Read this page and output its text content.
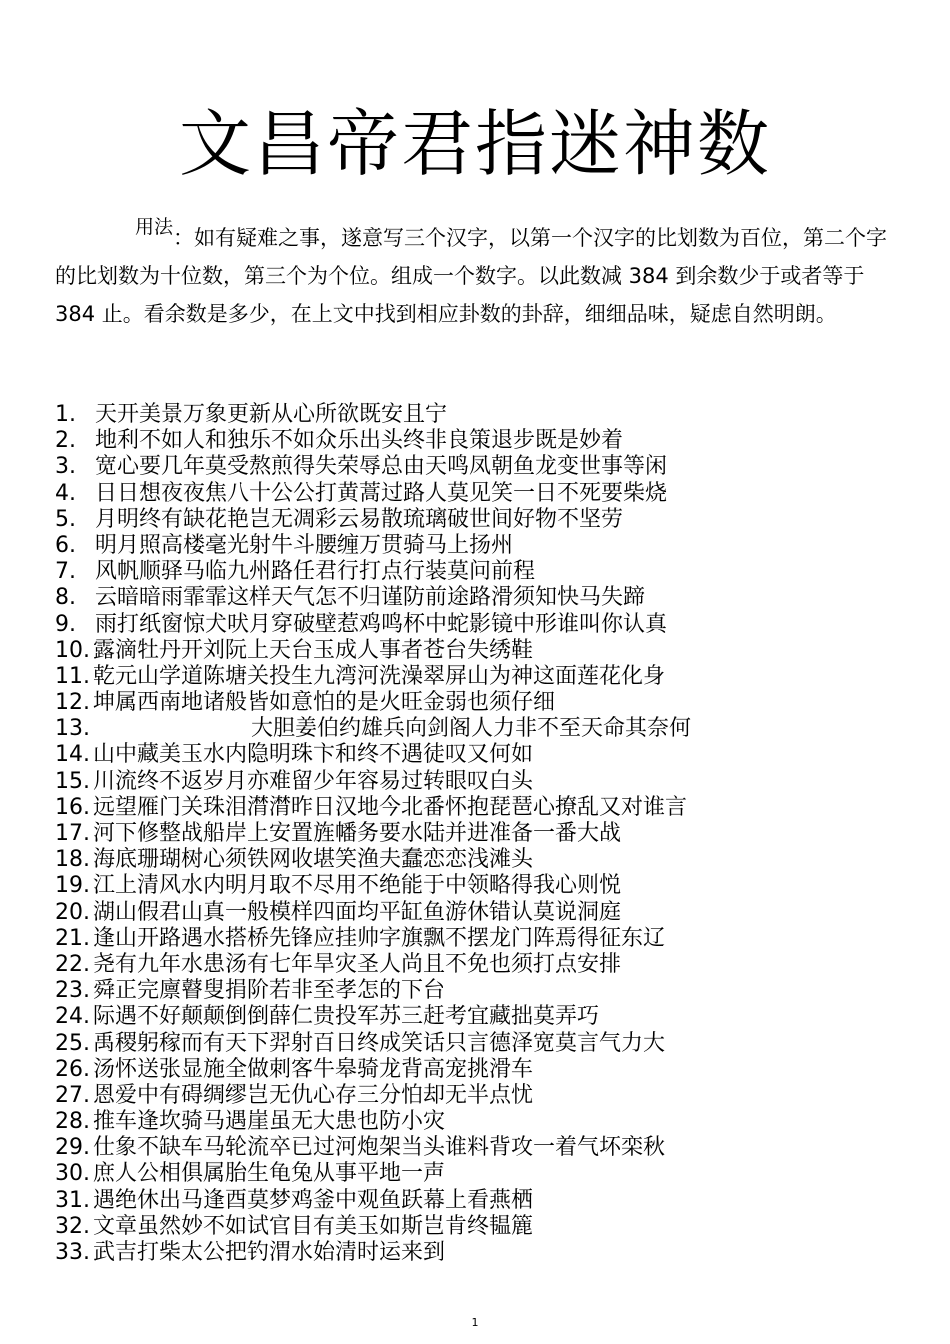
文昌帝君指迷神数
用法：如有疑难之事，遂意写三个汉字，以第一个汉字的比划数为百位，第二个字的比划数为十位数，第三个为个位。组成一个数字。以此数减 384 到余数少于或者等于 384 止。看余数是多少，在上文中找到相应卦数的卦辞，细细品味，疑虑自然明朗。
1. 天开美景万象更新从心所欲既安且宁
2. 地利不如人和独乐不如众乐出头终非良策退步既是妙着
3. 宽心要几年莫受熬煎得失荣辱总由天鸣凤朝鱼龙变世事等闲
4. 日日想夜夜焦八十公公打黄蒿过路人莫见笑一日不死要柴烧
5. 月明终有缺花艳岂无凋彩云易散琉璃破世间好物不坚劳
6. 明月照高楼毫光射牛斗腰缠万贯骑马上扬州
7. 风帆顺驿马临九州路任君行打点行装莫问前程
8. 云暗暗雨霏霏这样天气怎不归谨防前途路滑须知快马失蹄
9. 雨打纸窗惊犬吠月穿破壁惹鸡鸣杯中蛇影镜中形谁叫你认真
10. 露滴牡丹开刘阮上天台玉成人事者苍台失绣鞋
11. 乾元山学道陈塘关投生九湾河洗澡翠屏山为神这面莲花化身
12. 坤属西南地诸般皆如意怕的是火旺金弱也须仔细
13.	大胆姜伯约雄兵向剑阁人力非不至天命其奈何
14. 山中藏美玉水内隐明珠卞和终不遇徒叹又何如
15. 川流终不返岁月亦难留少年容易过转眼叹白头
16. 远望雁门关珠泪潸潸昨日汉地今北番怀抱琵琶心撩乱又对谁言
17. 河下修整战船岸上安置旌幡务要水陆并进准备一番大战
18. 海底珊瑚树心须铁网收堪笑渔夫蠢恋恋浅滩头
19. 江上清风水内明月取不尽用不绝能于中领略得我心则悦
20. 湖山假君山真一般模样四面均平缸鱼游休错认莫说洞庭
21. 逢山开路遇水搭桥先锋应挂帅字旗飘不摆龙门阵焉得征东辽
22. 尧有九年水患汤有七年旱灾圣人尚且不免也须打点安排
23. 舜正完廪瞽叟捐阶若非至孝怎的下台
24. 际遇不好颠颠倒倒薛仁贵投军苏三赶考宜藏拙莫弄巧
25. 禹稷躬稼而有天下羿射百日终成笑话只言德泽宽莫言气力大
26. 汤怀送张显施全做刺客牛皋骑龙背高宠挑滑车
27. 恩爱中有碍绸缪岂无仇心存三分怕却无半点忧
28. 推车逢坎骑马遇崖虽无大患也防小灾
29. 仕象不缺车马轮流卒已过河炮架当头谁料背攻一着气坏栾秋
30. 庶人公相俱属胎生龟兔从事平地一声
31. 遇绝休出马逢酉莫梦鸡釜中观鱼跃幕上看燕栖
32. 文章虽然妙不如试官目有美玉如斯岂肯终韫簏
33. 武吉打柴太公把钓渭水始清时运来到
1
